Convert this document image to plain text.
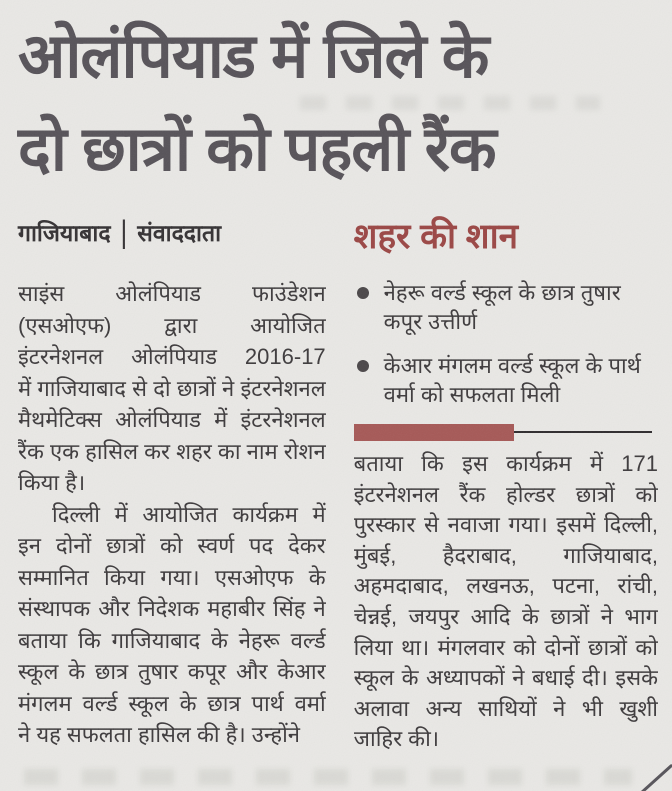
ओलंपियाड में जिले के
दो छात्रों को पहली रैंक
गाजियाबाद | संवाददाता
साइंस ओलंपियाड फाउंडेशन
(एसओएफ) द्वारा आयोजित
इंटरनेशनल ओलंपियाड 2016-17
में गाजियाबाद से दो छात्रों ने इंटरनेशनल
मैथमेटिक्स ओलंपियाड में इंटरनेशनल
रैंक एक हासिल कर शहर का नाम रोशन
किया है।
दिल्ली में आयोजित कार्यक्रम में
इन दोनों छात्रों को स्वर्ण पद देकर
सम्मानित किया गया। एसओएफ के
संस्थापक और निदेशक महाबीर सिंह ने
बताया कि गाजियाबाद के नेहरू वर्ल्ड
स्कूल के छात्र तुषार कपूर और केआर
मंगलम वर्ल्ड स्कूल के छात्र पार्थ वर्मा
ने यह सफलता हासिल की है। उन्होंने
शहर की शान
नेहरू वर्ल्ड स्कूल के छात्र तुषार कपूर उत्तीर्ण
केआर मंगलम वर्ल्ड स्कूल के पार्थ वर्मा को सफलता मिली
बताया कि इस कार्यक्रम में 171
इंटरनेशनल रैंक होल्डर छात्रों को
पुरस्कार से नवाजा गया। इसमें दिल्ली,
मुंबई, हैदराबाद, गाजियाबाद,
अहमदाबाद, लखनऊ, पटना, रांची,
चेन्नई, जयपुर आदि के छात्रों ने भाग
लिया था। मंगलवार को दोनों छात्रों को
स्कूल के अध्यापकों ने बधाई दी। इसके
अलावा अन्य साथियों ने भी खुशी
जाहिर की।
